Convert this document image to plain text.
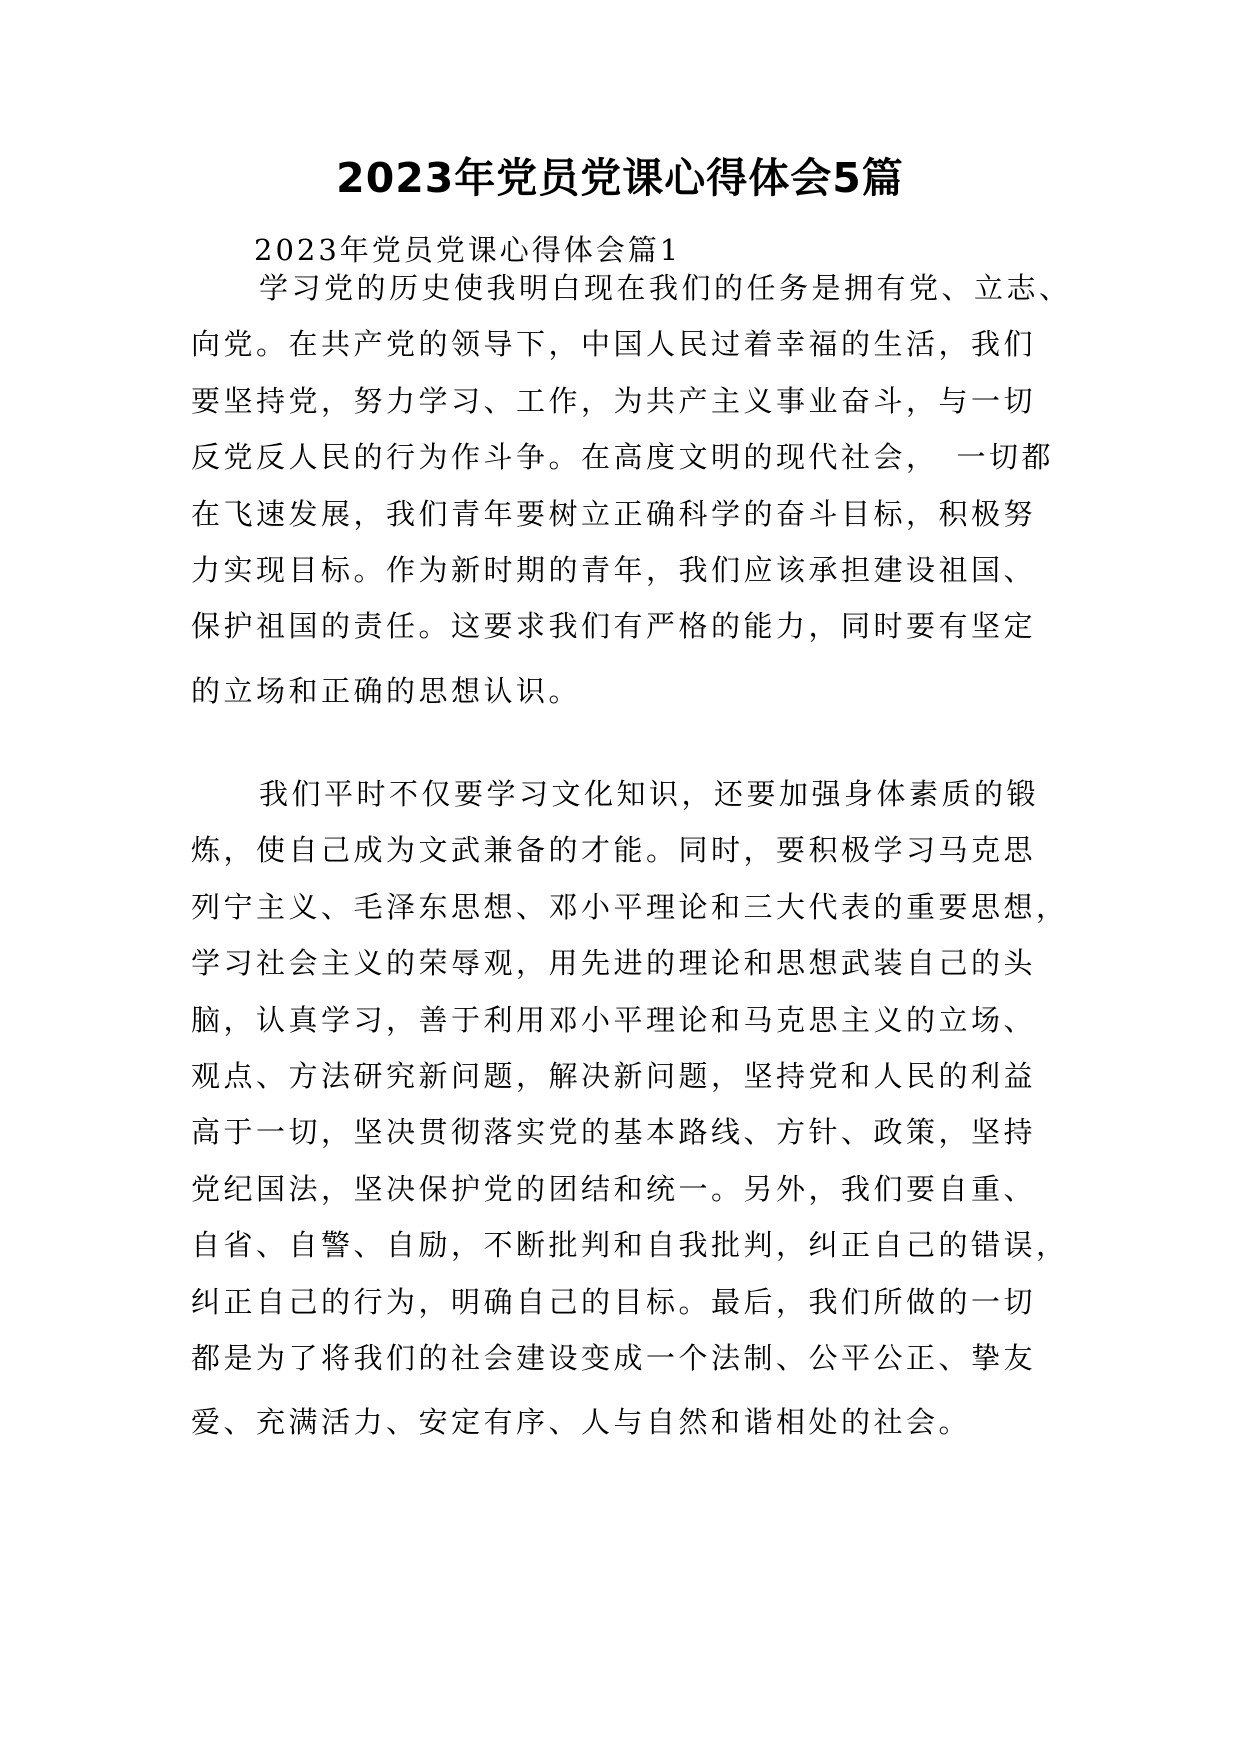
2023年党员党课心得体会5篇
2023年党员党课心得体会篇1
学习党的历史使我明白现在我们的任务是拥有党、立志、
向党。在共产党的领导下，中国人民过着幸福的生活，我们
要坚持党，努力学习、工作，为共产主义事业奋斗，与一切
反党反人民的行为作斗争。在高度文明的现代社会，　一切都
在飞速发展，我们青年要树立正确科学的奋斗目标，积极努
力实现目标。作为新时期的青年，我们应该承担建设祖国、
保护祖国的责任。这要求我们有严格的能力，同时要有坚定
的立场和正确的思想认识。
我们平时不仅要学习文化知识，还要加强身体素质的锻
炼，使自己成为文武兼备的才能。同时，要积极学习马克思
列宁主义、毛泽东思想、邓小平理论和三大代表的重要思想，
学习社会主义的荣辱观，用先进的理论和思想武装自己的头
脑，认真学习，善于利用邓小平理论和马克思主义的立场、
观点、方法研究新问题，解决新问题，坚持党和人民的利益
高于一切，坚决贯彻落实党的基本路线、方针、政策，坚持
党纪国法，坚决保护党的团结和统一。另外，我们要自重、
自省、自警、自励，不断批判和自我批判，纠正自己的错误，
纠正自己的行为，明确自己的目标。最后，我们所做的一切
都是为了将我们的社会建设变成一个法制、公平公正、挚友
爱、充满活力、安定有序、人与自然和谐相处的社会。
